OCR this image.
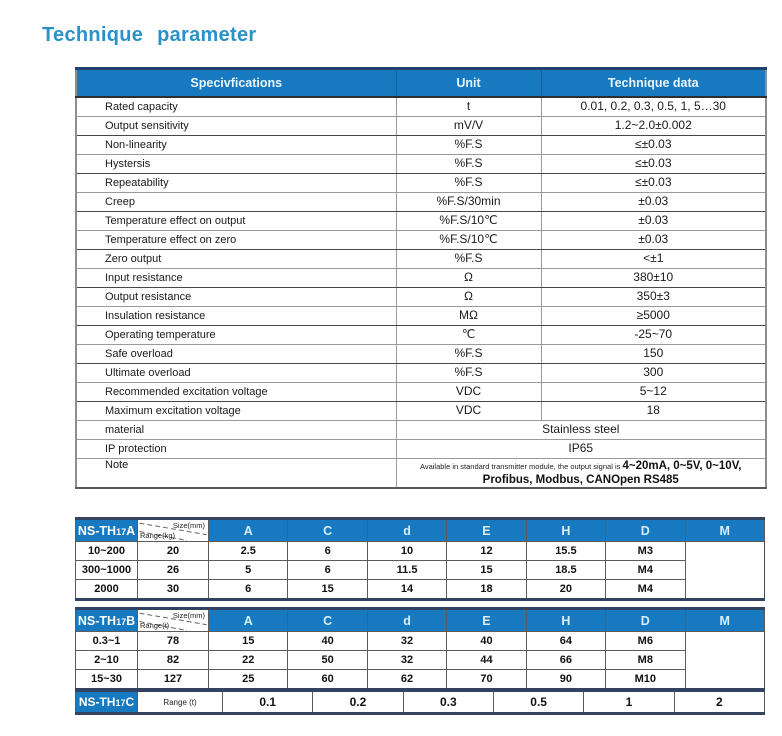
Technique parameter
Specivfications	Unit	Technique data
Rated capacity	t	0.01, 0.2, 0.3, 0.5, 1, 5…30
Output sensitivity	mV/V	1.2~2.0±0.002
Non-linearity	%F.S	≤±0.03
Hystersis	%F.S	≤±0.03
Repeatability	%F.S	≤±0.03
Creep	%F.S/30min	±0.03
Temperature effect on output	%F.S/10℃	±0.03
Temperature effect on zero	%F.S/10℃	±0.03
Zero output	%F.S	<±1
Input resistance	Ω	380±10
Output resistance	Ω	350±3
Insulation resistance	MΩ	≥5000
Operating temperature	℃	-25~70
Safe overload	%F.S	150
Ultimate overload	%F.S	300
Recommended excitation voltage	VDC	5~12
Maximum excitation voltage	VDC	18
material	Stainless steel	
IP protection	IP65	
Note	Available in standard transmitter module, the output signal is 4~20mA, 0~5V, 0~10V,
Profibus, Modbus, CANOpen RS485	
NS-TH17A	Size(mm)
Range(kg)	A	C	d	E	H	D	M
10~200	20	2.5	6	10	12	15.5	M3	
300~1000	26	5	6	11.5	15	18.5	M4	
2000	30	6	15	14	18	20	M4	
NS-TH17B	Size(mm)
Range(t)	A	C	d	E	H	D	M
0.3~1	78	15	40	32	40	64	M6	
2~10	82	22	50	32	44	66	M8	
15~30	127	25	60	62	70	90	M10	
NS-TH17C	Range (t)	0.1	0.2	0.3	0.5	1	2
